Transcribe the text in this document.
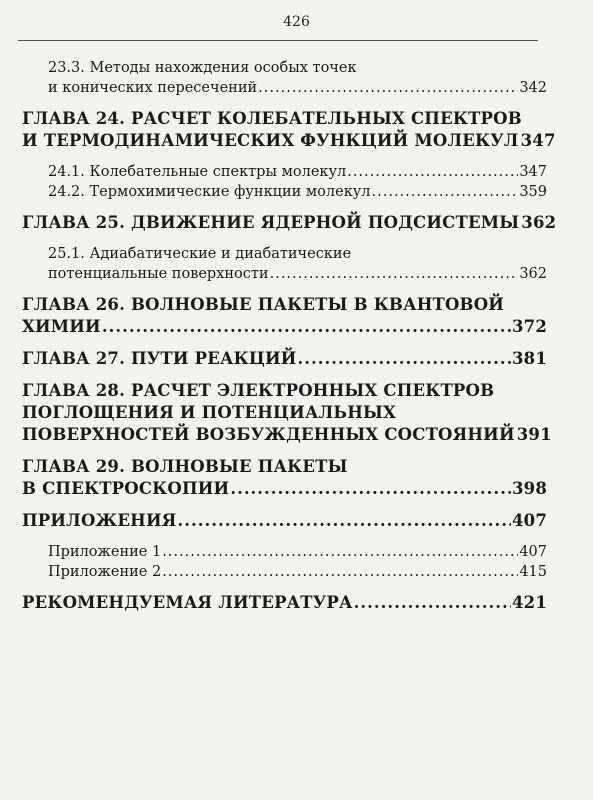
426
23.3. Методы нахождения особых точек
и конических пересечений .....	342
ГЛАВА 24. РАСЧЕТ КОЛЕБАТЕЛЬНЫХ СПЕКТРОВ
И ТЕРМОДИНАМИЧЕСКИХ ФУНКЦИЙ МОЛЕКУЛ 347
24.1. Колебательные спектры молекул .....	347
24.2. Термохимические функции молекул .....	359
ГЛАВА 25. ДВИЖЕНИЕ ЯДЕРНОЙ ПОДСИСТЕМЫ 362
25.1. Адиабатические и диабатические
потенциальные поверхности .....	362
ГЛАВА 26. ВОЛНОВЫЕ ПАКЕТЫ В КВАНТОВОЙ
ХИМИИ .....	372
ГЛАВА 27. ПУТИ РЕАКЦИЙ .....	381
ГЛАВА 28. РАСЧЕТ ЭЛЕКТРОННЫХ СПЕКТРОВ
ПОГЛОЩЕНИЯ И ПОТЕНЦИАЛЬНЫХ
ПОВЕРХНОСТЕЙ ВОЗБУЖДЕННЫХ СОСТОЯНИЙ 391
ГЛАВА 29. ВОЛНОВЫЕ ПАКЕТЫ
В СПЕКТРОСКОПИИ .....	398
ПРИЛОЖЕНИЯ .....	407
Приложение 1 .....	407
Приложение 2 .....	415
РЕКОМЕНДУЕМАЯ ЛИТЕРАТУРА .....	421
